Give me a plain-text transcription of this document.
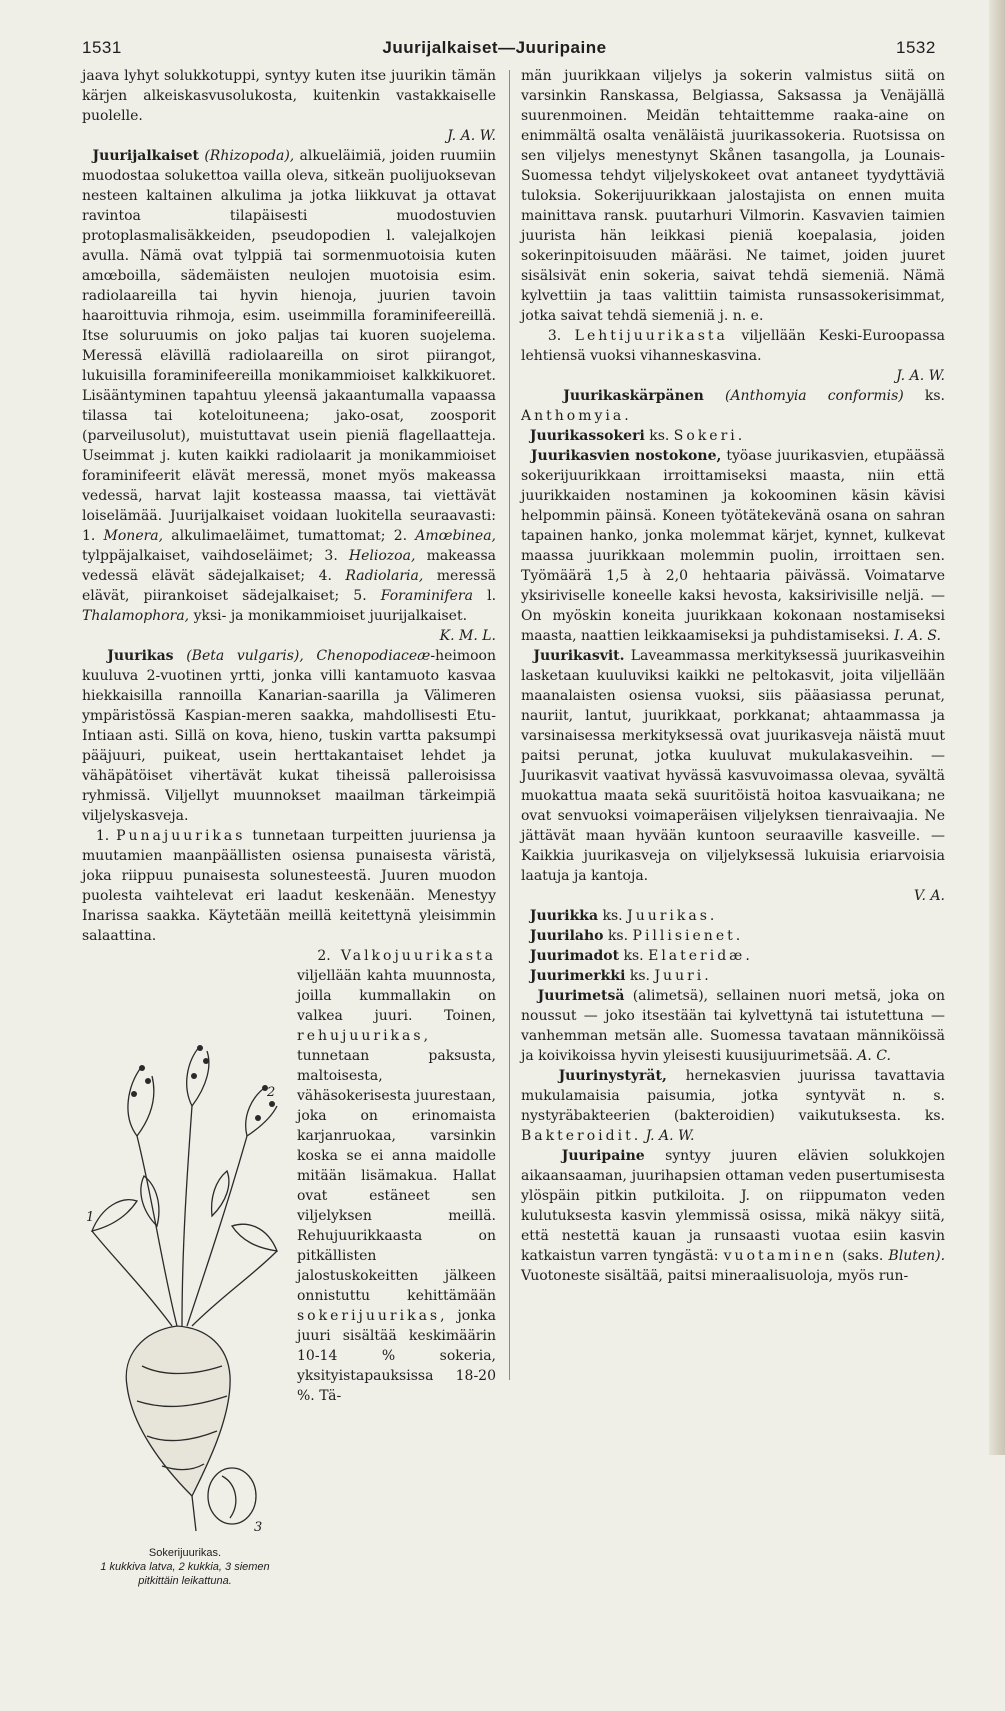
1531	Juurijalkaiset—Juuripaine	1532

jaava lyhyt solukkotuppi, syntyy kuten itse juurikin tämän kärjen alkeiskasvusolukosta, kuitenkin vastakkaiselle puolelle.
J. A. W.

Juurijalkaiset (Rhizopoda), alkueläimiä, joiden ruumiin muodostaa solukettoa vailla oleva, sitkeän puolijuoksevan nesteen kaltainen alkulima ja jotka liikkuvat ja ottavat ravintoa tilapäisesti muodostuvien protoplasmalisäkkeiden, pseudopodien l. valejalkojen avulla. Nämä ovat tylppiä tai sormenmuotoisia kuten amœboilla, sädemäisten neulojen muotoisia esim. radiolaareilla tai hyvin hienoja, juurien tavoin haaroittuvia rihmoja, esim. useimmilla foraminifeereillä. Itse soluruumis on joko paljas tai kuoren suojelema. Meressä elävillä radiolaareilla on sirot piirangot, lukuisilla foraminifeereilla monikammioiset kalkkikuoret. Lisääntyminen tapahtuu yleensä jakaantumalla vapaassa tilassa tai koteloituneena; jako-osat, zoosporit (parveilusolut), muistuttavat usein pieniä flagellaatteja. Useimmat j. kuten kaikki radiolaarit ja monikammioiset foraminifeerit elävät meressä, monet myös makeassa vedessä, harvat lajit kosteassa maassa, tai viettävät loiselämää. Juurijalkaiset voidaan luokitella seuraavasti: 1. Monera, alkulimaeläimet, tumattomat; 2. Amœbinea, tylppäjalkaiset, vaihdoseläimet; 3. Heliozoa, makeassa vedessä elävät sädejalkaiset; 4. Radiolaria, meressä elävät, piirankoiset sädejalkaiset; 5. Foraminifera l. Thalamophora, yksi- ja monikammioiset juurijalkaiset.
K. M. L.

Juurikas (Beta vulgaris), Chenopodiaceæ-heimoon kuuluva 2-vuotinen yrtti, jonka villi kantamuoto kasvaa hiekkaisilla rannoilla Kanarian-saarilla ja Välimeren ympäristössä Kaspian-meren saakka, mahdollisesti Etu-Intiaan asti. Sillä on kova, hieno, tuskin vartta paksumpi pääjuuri, puikeat, usein herttakantaiset lehdet ja vähäpätöiset vihertävät kukat tiheissä palleroisissa ryhmissä. Viljellyt muunnokset maailman tärkeimpiä viljelyskasveja.

1. Punajuurikas tunnetaan turpeitten juuriensa ja muutamien maanpäällisten osiensa punaisesta väristä, joka riippuu punaisesta solunesteestä. Juuren muodon puolesta vaihtelevat eri laadut keskenään. Menestyy Inarissa saakka. Käytetään meillä keitettynä yleisimmin salaattina.

1
2
3
Sokerijuurikas.
1 kukkiva latva, 2 kukkia, 3 siemen pitkittäin leikattuna.

2. Valkojuurikasta viljellään kahta muunnosta, joilla kummallakin on valkea juuri. Toinen, rehujuurikas, tunnetaan paksusta, maltoisesta, vähäsokerisesta juurestaan, joka on erinomaista karjanruokaa, varsinkin koska se ei anna maidolle mitään lisämakua. Hallat ovat estäneet sen viljelyksen meillä. Rehujuurikkaasta on pitkällisten jalostuskokeitten jälkeen onnistuttu kehittämään sokerijuurikas, jonka juuri sisältää keskimäärin 10-14 % sokeria, yksityistapauksissa 18-20 %. Tä-

män juurikkaan viljelys ja sokerin valmistus siitä on varsinkin Ranskassa, Belgiassa, Saksassa ja Venäjällä suurenmoinen. Meidän tehtaittemme raaka-aine on enimmältä osalta venäläistä juurikassokeria. Ruotsissa on sen viljelys menestynyt Skånen tasangolla, ja Lounais-Suomessa tehdyt viljelyskokeet ovat antaneet tyydyttäviä tuloksia. Sokerijuurikkaan jalostajista on ennen muita mainittava ransk. puutarhuri Vilmorin. Kasvavien taimien juurista hän leikkasi pieniä koepalasia, joiden sokerinpitoisuuden määräsi. Ne taimet, joiden juuret sisälsivät enin sokeria, saivat tehdä siemeniä. Nämä kylvettiin ja taas valittiin taimista runsassokerisimmat, jotka saivat tehdä siemeniä j. n. e.

3. Lehtijuurikasta viljellään Keski-Euroopassa lehtiensä vuoksi vihanneskasvina.
J. A. W.

Juurikaskärpänen (Anthomyia conformis) ks. Anthomyia.

Juurikassokeri ks. Sokeri.

Juurikasvien nostokone, työase juurikasvien, etupäässä sokerijuurikkaan irroittamiseksi maasta, niin että juurikkaiden nostaminen ja kokoominen käsin kävisi helpommin päinsä. Koneen työtätekevänä osana on sahran tapainen hanko, jonka molemmat kärjet, kynnet, kulkevat maassa juurikkaan molemmin puolin, irroittaen sen. Työmäärä 1,5 à 2,0 hehtaaria päivässä. Voimatarve yksiriviselle koneelle kaksi hevosta, kaksirivisille neljä. — On myöskin koneita juurikkaan kokonaan nostamiseksi maasta, naattien leikkaamiseksi ja puhdistamiseksi. I. A. S.

Juurikasvit. Laveammassa merkityksessä juurikasveihin lasketaan kuuluviksi kaikki ne peltokasvit, joita viljellään maanalaisten osiensa vuoksi, siis pääasiassa perunat, nauriit, lantut, juurikkaat, porkkanat; ahtaammassa ja varsinaisessa merkityksessä ovat juurikasveja näistä muut paitsi perunat, jotka kuuluvat mukulakasveihin. — Juurikasvit vaativat hyvässä kasvuvoimassa olevaa, syvältä muokattua maata sekä suuritöistä hoitoa kasvuaikana; ne ovat senvuoksi voimaperäisen viljelyksen tienraivaajia. Ne jättävät maan hyvään kuntoon seuraaville kasveille. — Kaikkia juurikasveja on viljelyksessä lukuisia eriarvoisia laatuja ja kantoja.
V. A.

Juurikka ks. Juurikas.

Juurilaho ks. Pillisienet.

Juurimadot ks. Elateridæ.

Juurimerkki ks. Juuri.

Juurimetsä (alimetsä), sellainen nuori metsä, joka on noussut — joko itsestään tai kylvettynä tai istutettuna — vanhemman metsän alle. Suomessa tavataan männiköissä ja koivikoissa hyvin yleisesti kuusijuurimetsää. A. C.

Juurinystyrät, hernekasvien juurissa tavattavia mukulamaisia paisumia, jotka syntyvät n. s. nystyräbakteerien (bakteroidien) vaikutuksesta. ks. Bakteroidit. J. A. W.

Juuripaine syntyy juuren elävien solukkojen aikaansaaman, juurihapsien ottaman veden pusertumisesta ylöspäin pitkin putkiloita. J. on riippumaton veden kulutuksesta kasvin ylemmissä osissa, mikä näkyy siitä, että nestettä kauan ja runsaasti vuotaa esiin kasvin katkaistun varren tyngästä: vuotaminen (saks. Bluten). Vuotoneste sisältää, paitsi mineraalisuoloja, myös run-
